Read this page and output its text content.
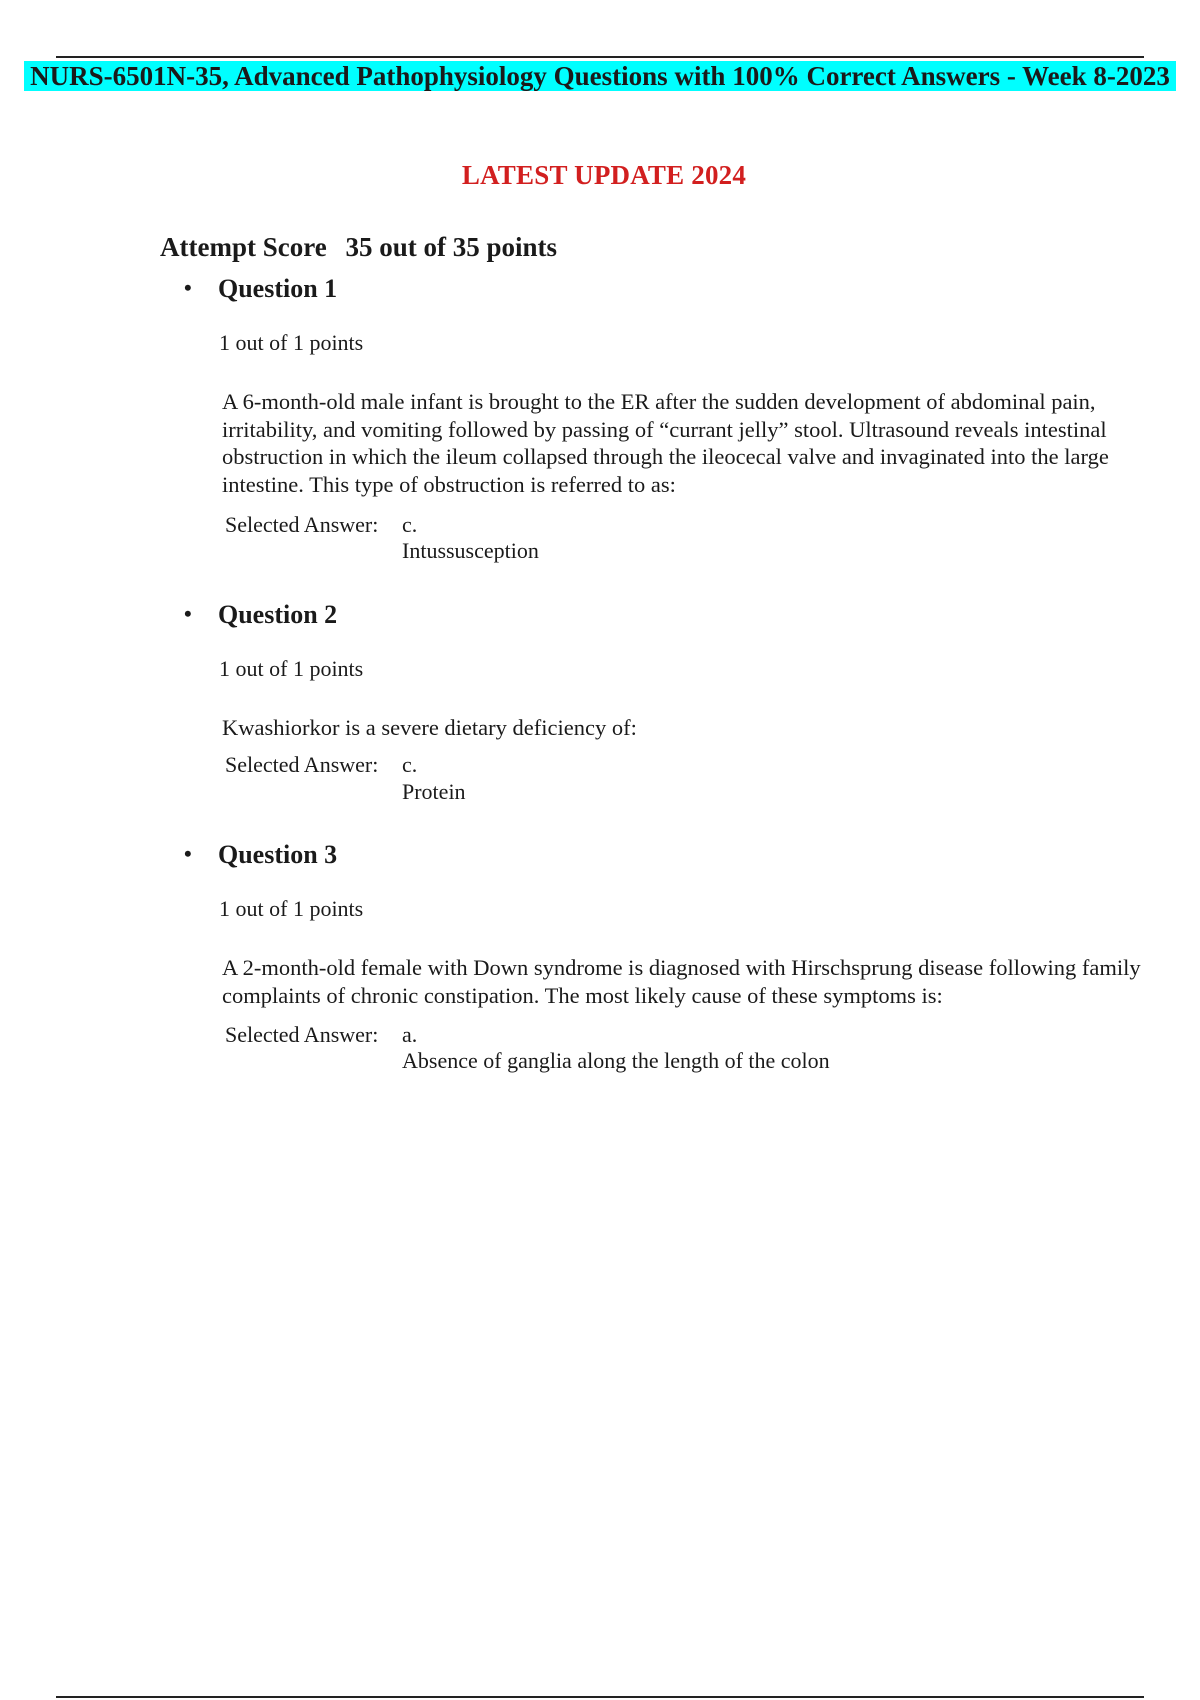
NURS-6501N-35, Advanced Pathophysiology Questions with 100% Correct Answers - Week 8-2023
LATEST UPDATE 2024
Attempt Score 35 out of 35 points
• Question 1
1 out of 1 points
A 6-month-old male infant is brought to the ER after the sudden development of abdominal pain, irritability, and vomiting followed by passing of “currant jelly” stool. Ultrasound reveals intestinal obstruction in which the ileum collapsed through the ileocecal valve and invaginated into the large intestine. This type of obstruction is referred to as:
Selected Answer: c.
Intussusception
• Question 2
1 out of 1 points
Kwashiorkor is a severe dietary deficiency of:
Selected Answer: c.
Protein
• Question 3
1 out of 1 points
A 2-month-old female with Down syndrome is diagnosed with Hirschsprung disease following family complaints of chronic constipation. The most likely cause of these symptoms is:
Selected Answer: a.
Absence of ganglia along the length of the colon
